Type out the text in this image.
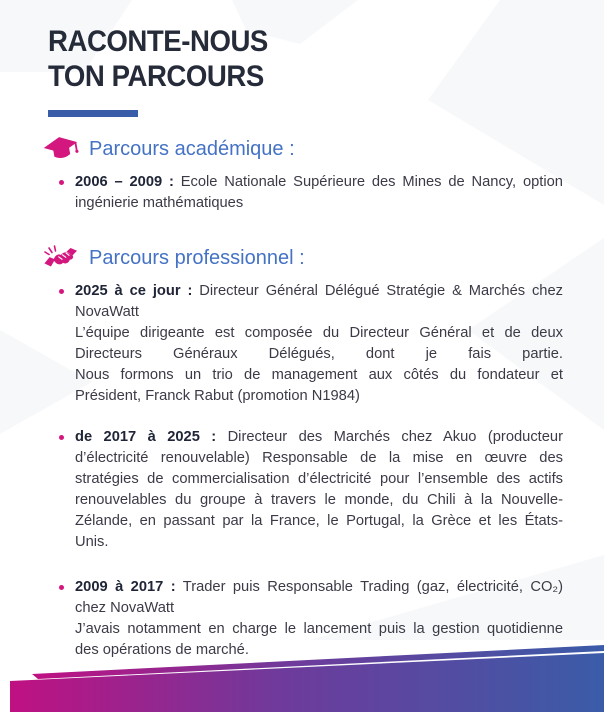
RACONTE-NOUS
TON PARCOURS
Parcours académique :
2006 – 2009 : Ecole Nationale Supérieure des Mines de Nancy, option
ingénierie mathématiques
Parcours professionnel :
2025 à ce jour : Directeur Général Délégué Stratégie & Marchés chez
NovaWatt
L’équipe dirigeante est composée du Directeur Général et de deux
Directeurs Généraux Délégués, dont je fais partie.
Nous formons un trio de management aux côtés du fondateur et
Président, Franck Rabut (promotion N1984)
de 2017 à 2025 : Directeur des Marchés chez Akuo (producteur
d’électricité renouvelable) Responsable de la mise en œuvre des
stratégies de commercialisation d’électricité pour l’ensemble des actifs
renouvelables du groupe à travers le monde, du Chili à la Nouvelle-
Zélande, en passant par la France, le Portugal, la Grèce et les États-
Unis.
2009 à 2017 : Trader puis Responsable Trading (gaz, électricité, CO₂)
chez NovaWatt
J’avais notamment en charge le lancement puis la gestion quotidienne
des opérations de marché.
